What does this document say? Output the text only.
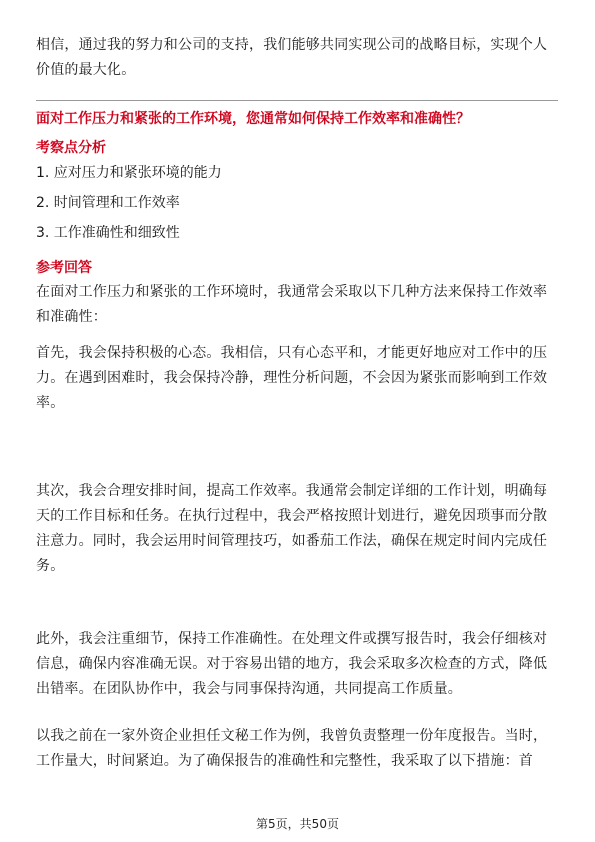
相信，通过我的努力和公司的支持，我们能够共同实现公司的战略目标，实现个人
价值的最大化。
面对工作压力和紧张的工作环境，您通常如何保持工作效率和准确性？
考察点分析
1. 应对压力和紧张环境的能力
2. 时间管理和工作效率
3. 工作准确性和细致性
参考回答
在面对工作压力和紧张的工作环境时，我通常会采取以下几种方法来保持工作效率
和准确性：
首先，我会保持积极的心态。我相信，只有心态平和，才能更好地应对工作中的压
力。在遇到困难时，我会保持冷静，理性分析问题，不会因为紧张而影响到工作效
率。
其次，我会合理安排时间，提高工作效率。我通常会制定详细的工作计划，明确每
天的工作目标和任务。在执行过程中，我会严格按照计划进行，避免因琐事而分散
注意力。同时，我会运用时间管理技巧，如番茄工作法，确保在规定时间内完成任
务。
此外，我会注重细节，保持工作准确性。在处理文件或撰写报告时，我会仔细核对
信息，确保内容准确无误。对于容易出错的地方，我会采取多次检查的方式，降低
出错率。在团队协作中，我会与同事保持沟通，共同提高工作质量。
以我之前在一家外资企业担任文秘工作为例，我曾负责整理一份年度报告。当时，
工作量大，时间紧迫。为了确保报告的准确性和完整性，我采取了以下措施：首
第5页，共50页
